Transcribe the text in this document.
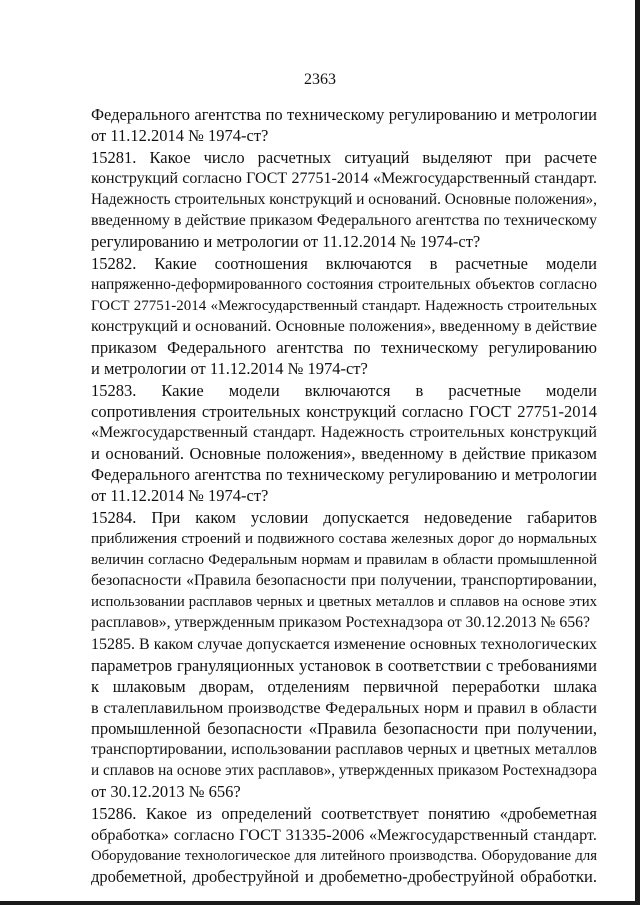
2363
Федерального агентства по техническому регулированию и метрологии
от 11.12.2014 № 1974-ст?
15281. Какое число расчетных ситуаций выделяют при расчете
конструкций согласно ГОСТ 27751-2014 «Межгосударственный стандарт.
Надежность строительных конструкций и оснований. Основные положения»,
введенному в действие приказом Федерального агентства по техническому
регулированию и метрологии от 11.12.2014 № 1974-ст?
15282. Какие соотношения включаются в расчетные модели
напряженно-деформированного состояния строительных объектов согласно
ГОСТ 27751-2014 «Межгосударственный стандарт. Надежность строительных
конструкций и оснований. Основные положения», введенному в действие
приказом Федерального агентства по техническому регулированию
и метрологии от 11.12.2014 № 1974-ст?
15283. Какие модели включаются в расчетные модели
сопротивления строительных конструкций согласно ГОСТ 27751-2014
«Межгосударственный стандарт. Надежность строительных конструкций
и оснований. Основные положения», введенному в действие приказом
Федерального агентства по техническому регулированию и метрологии
от 11.12.2014 № 1974-ст?
15284. При каком условии допускается недоведение габаритов
приближения строений и подвижного состава железных дорог до нормальных
величин согласно Федеральным нормам и правилам в области промышленной
безопасности «Правила безопасности при получении, транспортировании,
использовании расплавов черных и цветных металлов и сплавов на основе этих
расплавов», утвержденным приказом Ростехнадзора от 30.12.2013 № 656?
15285. В каком случае допускается изменение основных технологических
параметров грануляционных установок в соответствии с требованиями
к шлаковым дворам, отделениям первичной переработки шлака
в сталеплавильном производстве Федеральных норм и правил в области
промышленной безопасности «Правила безопасности при получении,
транспортировании, использовании расплавов черных и цветных металлов
и сплавов на основе этих расплавов», утвержденных приказом Ростехнадзора
от 30.12.2013 № 656?
15286. Какое из определений соответствует понятию «дробеметная
обработка» согласно ГОСТ 31335-2006 «Межгосударственный стандарт.
Оборудование технологическое для литейного производства. Оборудование для
дробеметной, дробеструйной и дробеметно-дробеструйной обработки.
